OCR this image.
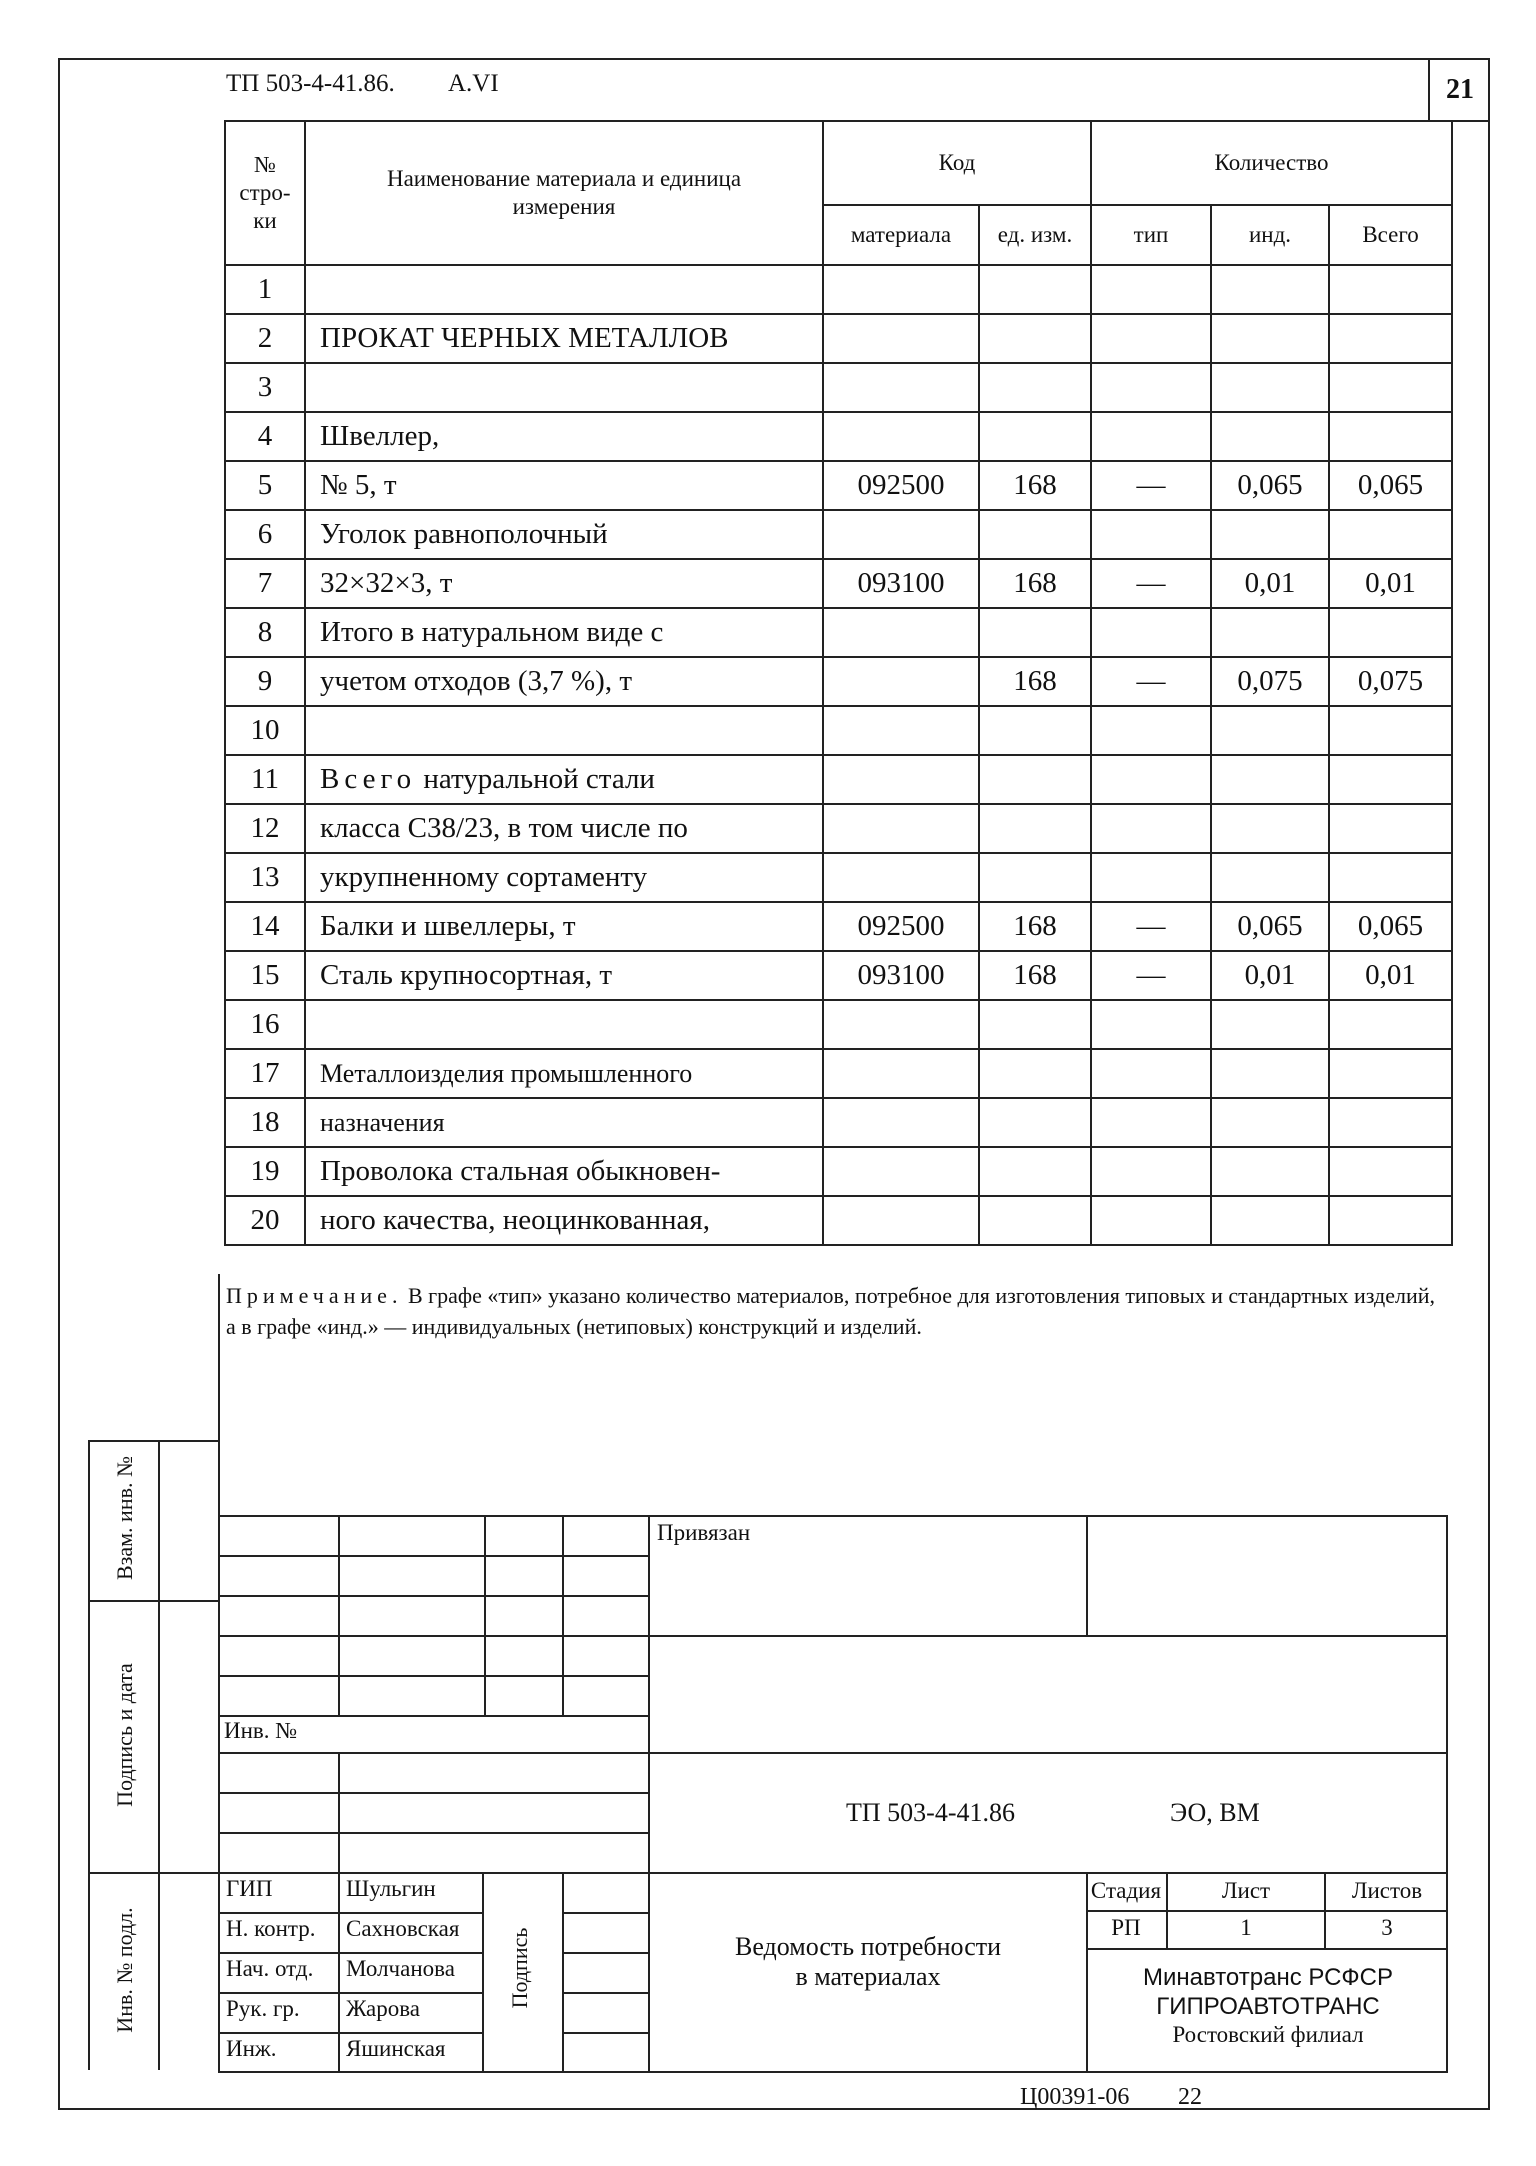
ТП 503-4-41.86. А.VI	21
№ стро- ки	Наименование материала и единица измерения	Код		Количество		
		материала	ед. изм.	тип	инд.	Всего
1						
2	ПРОКАТ ЧЕРНЫХ МЕТАЛЛОВ					
3						
4	Швеллер,					
5	№ 5, т	092500	168	—	0,065	0,065
6	Уголок равнополочный					
7	32×32×3, т	093100	168	—	0,01	0,01
8	Итого в натуральном виде с					
9	учетом отходов (3,7 %), т		168	—	0,075	0,075
10						
11	Всего натуральной стали					
12	класса С38/23, в том числе по					
13	укрупненному сортаменту					
14	Балки и швеллеры, т	092500	168	—	0,065	0,065
15	Сталь крупносортная, т	093100	168	—	0,01	0,01
16						
17	Металлоизделия промышленного					
18	назначения					
19	Проволока стальная обыкновен-					
20	ного качества, неоцинкованная,					
Примечание. В графе «тип» указано количество материалов, потребное для изготовления типовых и стандартных изделий, а в графе «инд.» — индивидуальных (нетиповых) конструкций и изделий.
Взам. инв. №
Подпись и дата
Инв. № подл.
Инв. №
Привязан
ТП 503-4-41.86	ЭО, ВМ
Подпись
ГИП	Шульгин
Н. контр. Сахновская
Нач. отд. Молчанова
Рук. гр. Жарова
Инж.	Яшинская
Ведомость потребности
в материалах
Стадия	Лист	Листов
РП	1	3
Минавтотранс РСФСР
ГИПРОАВТОТРАНС
Ростовский филиал
Ц00391-06 22
